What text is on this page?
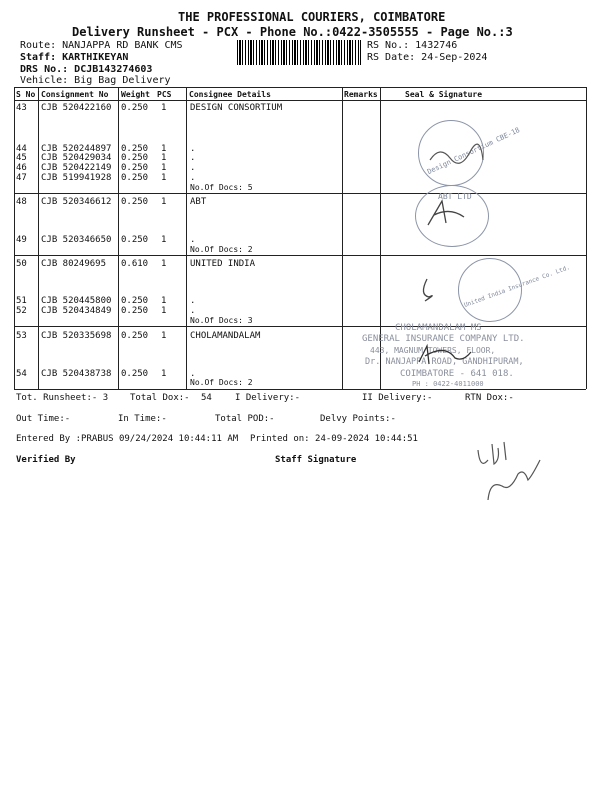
THE PROFESSIONAL COURIERS, COIMBATORE
Delivery Runsheet - PCX - Phone No.:0422-3505555 - Page No.:3
Route: NANJAPPA RD BANK CMS
Staff: KARTHIKEYAN
DRS No.: DCJB143274603
Vehicle: Big Bag Delivery
RS No.: 1432746
RS Date: 24-Sep-2024
S No Consignment No Weight PCS Consignee Details	Remarks	Seal & Signature
43 CJB 520422160 0.250 1	DESIGN CONSORTIUM
44 CJB 520244897 0.250 1	.
45 CJB 520429034 0.250 1	.
46 CJB 520422149 0.250 1	.
47 CJB 519941928 0.250 1	.
48 CJB 520346612 0.250 1	ABT
49 CJB 520346650 0.250 1	.
50 CJB 80249695 0.610 1	UNITED INDIA
51 CJB 520445800 0.250 1	.
52 CJB 520434849 0.250 1	.
53 CJB 520335698 0.250 1	CHOLAMANDALAM
54 CJB 520438738 0.250 1	.
No.Of Docs: 5
No.Of Docs: 2
No.Of Docs: 3
No.Of Docs: 2
Design Consortium CBE-18
ABT LTD
United India Insurance Co. Ltd.
CHOLAMANDALAM MS
GENERAL INSURANCE COMPANY LTD.
443, MAGNUM TOWERS, FLOOR,
Dr. NANJAPPA ROAD, GANDHIPURAM,
COIMBATORE - 641 018.
PH : 0422-4011000
Tot. Runsheet:- 3 Total Dox:- 54	I Delivery:-	II Delivery:-	RTN Dox:-
Out Time:-	In Time:-	Total POD:-	Delvy Points:-
Entered By :PRABUS 09/24/2024 10:44:11 AM Printed on: 24-09-2024 10:44:51
Verified By	Staff Signature
